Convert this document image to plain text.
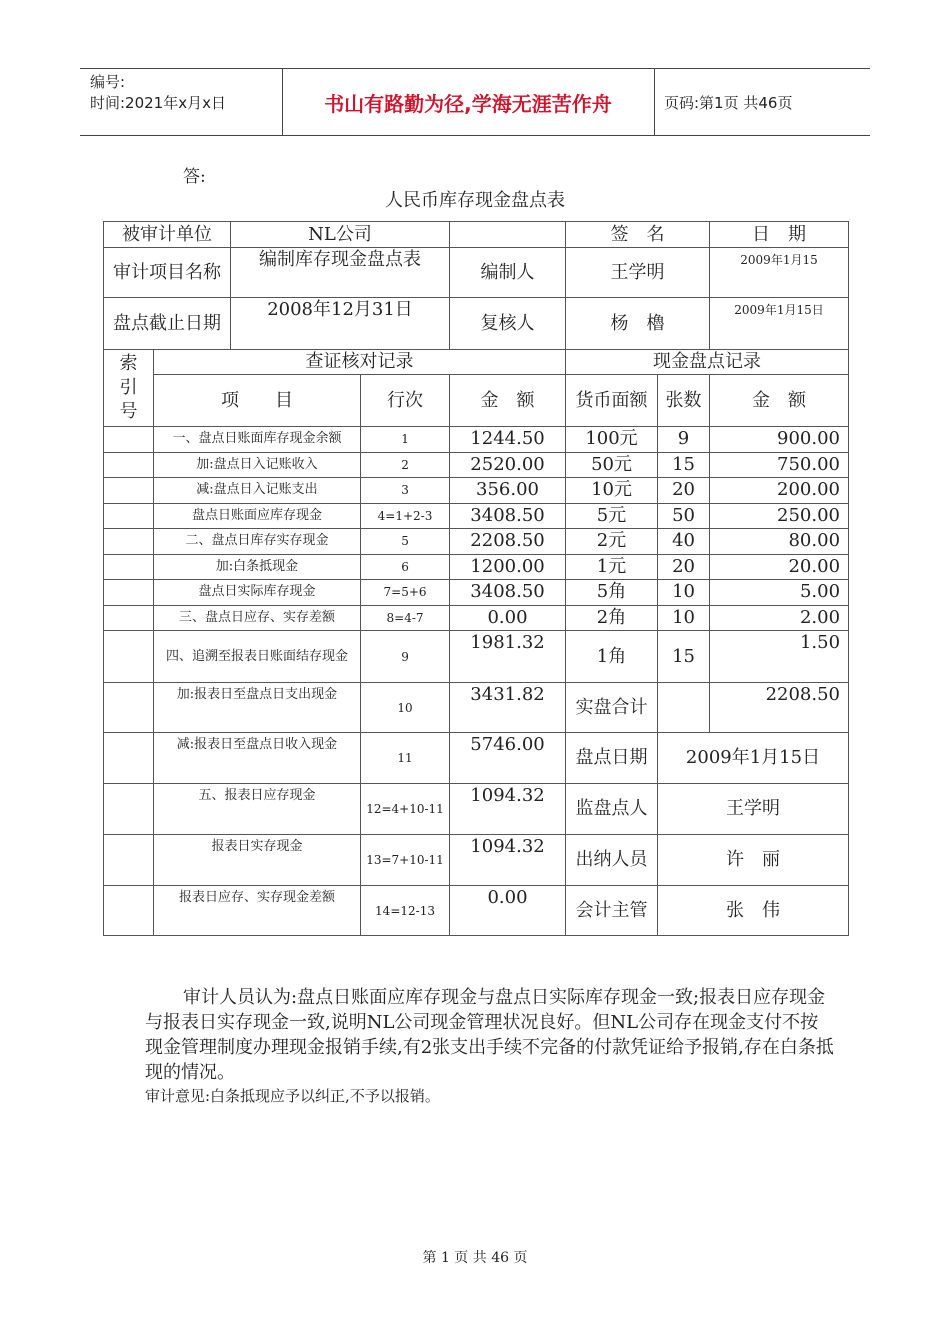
编号:
时间:2021年x月x日	书山有路勤为径,学海无涯苦作舟	页码:第1页 共46页
答:
人民币库存现金盘点表
被审计单位		NL公司			签　名		日　期
审计项目名称		编制库存现金盘点表		编制人	王学明		2009年1月15
盘点截止日期		2008年12月31日		复核人	杨　櫓		2009年1月15日

索引号	查证核对记录				现金盘点记录		
	项　　目		行次	金　额	货币面额	张数	金　额
	一、盘点日账面库存现金余额		1	1244.50	100元	9	900.00
	加:盘点日入记账收入		2	2520.00	50元	15	750.00
	减:盘点日入记账支出		3	356.00	10元	20	200.00
	盘点日账面应库存现金		4=1+2-3	3408.50	5元	50	250.00
	二、盘点日库存实存现金		5	2208.50	2元	40	80.00
	加:白条抵现金		6	1200.00	1元	20	20.00
	盘点日实际库存现金		7=5+6	3408.50	5角	10	5.00
	三、盘点日应存、实存差额		8=4-7	0.00	2角	10	2.00
	四、追溯至报表日账面结存现金		9	1981.32	1角	15	1.50
	加:报表日至盘点日支出现金		10	3431.82	实盘合计		2208.50
	减:报表日至盘点日收入现金		11	5746.00	盘点日期	2009年1月15日	
	五、报表日应存现金		12=4+10-11	1094.32	监盘点人	王学明	
	报表日实存现金		13=7+10-11	1094.32	出纳人员	许　丽	
	报表日应存、实存现金差额		14=12-13	0.00	会计主管	张　伟	
审计人员认为:盘点日账面应库存现金与盘点日实际库存现金一致;报表日应存现金与报表日实存现金一致,说明NL公司现金管理状况良好。但NL公司存在现金支付不按现金管理制度办理现金报销手续,有2张支出手续不完备的付款凭证给予报销,存在白条抵现的情况。
审计意见:白条抵现应予以纠正,不予以报销。
第 1 页 共 46 页
